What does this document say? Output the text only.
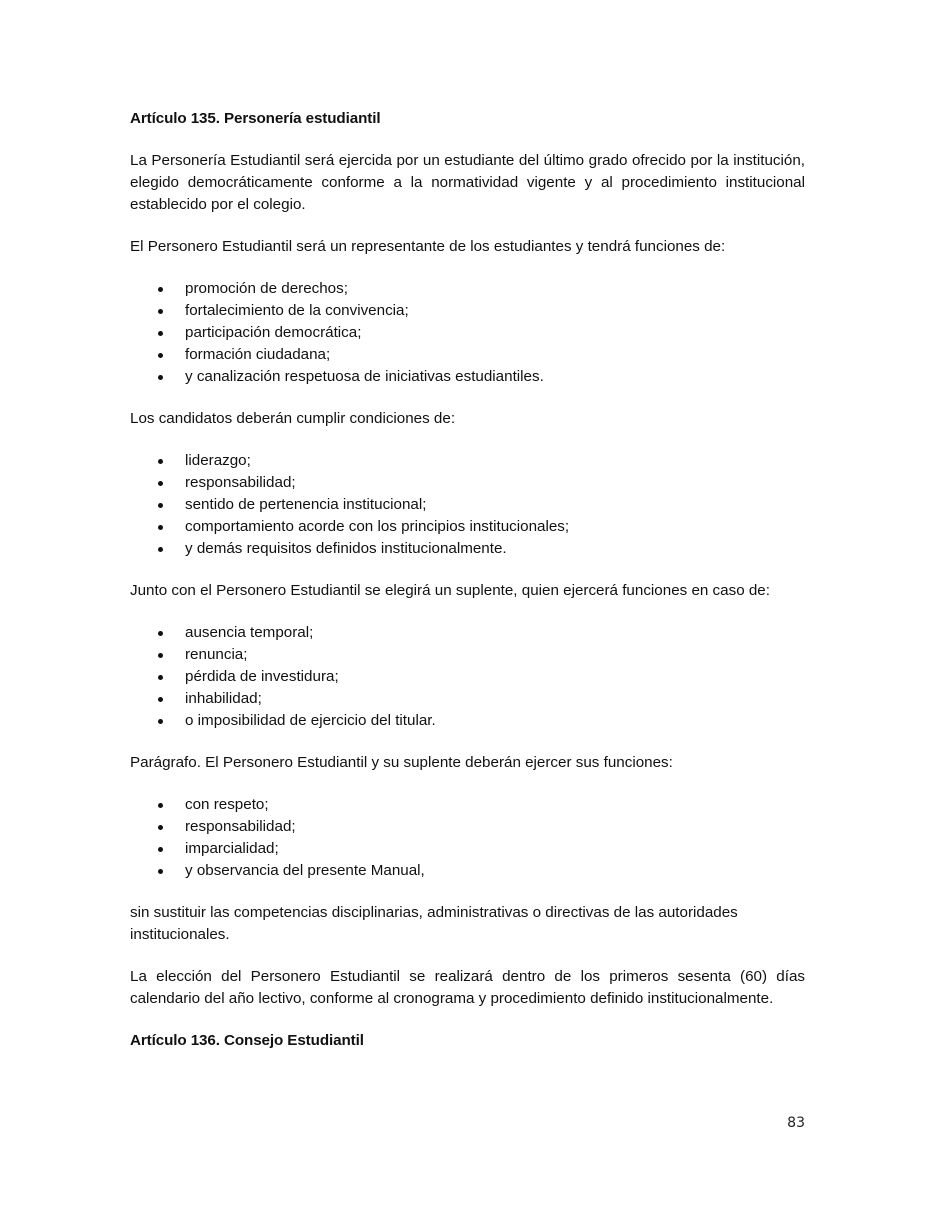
Artículo 135. Personería estudiantil

La Personería Estudiantil será ejercida por un estudiante del último grado ofrecido por la institución, elegido democráticamente conforme a la normatividad vigente y al procedimiento institucional establecido por el colegio.

El Personero Estudiantil será un representante de los estudiantes y tendrá funciones de:

promoción de derechos;
fortalecimiento de la convivencia;
participación democrática;
formación ciudadana;
y canalización respetuosa de iniciativas estudiantiles.

Los candidatos deberán cumplir condiciones de:

liderazgo;
responsabilidad;
sentido de pertenencia institucional;
comportamiento acorde con los principios institucionales;
y demás requisitos definidos institucionalmente.

Junto con el Personero Estudiantil se elegirá un suplente, quien ejercerá funciones en caso de:

ausencia temporal;
renuncia;
pérdida de investidura;
inhabilidad;
o imposibilidad de ejercicio del titular.

Parágrafo. El Personero Estudiantil y su suplente deberán ejercer sus funciones:

con respeto;
responsabilidad;
imparcialidad;
y observancia del presente Manual,

sin sustituir las competencias disciplinarias, administrativas o directivas de las autoridades institucionales.

La elección del Personero Estudiantil se realizará dentro de los primeros sesenta (60) días calendario del año lectivo, conforme al cronograma y procedimiento definido institucionalmente.

Artículo 136. Consejo Estudiantil

83
